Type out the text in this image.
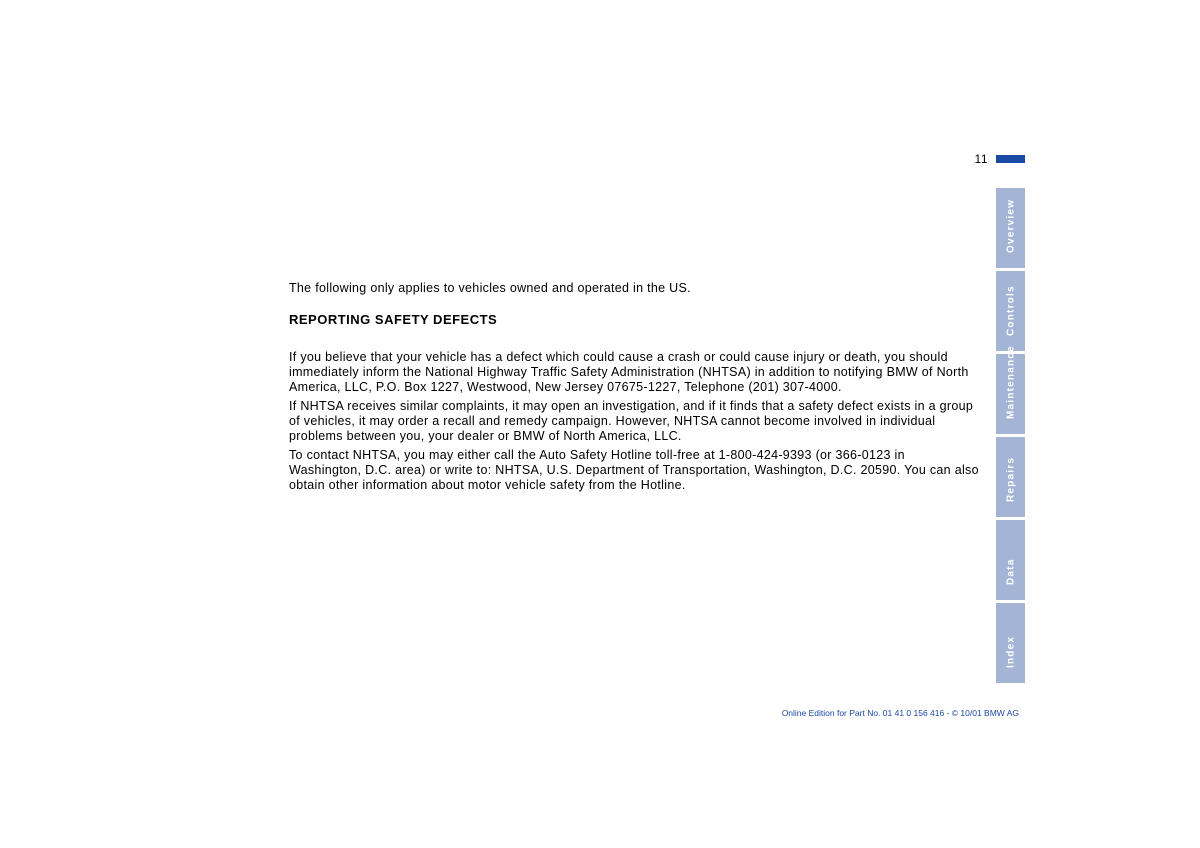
11
Overview
Controls
Maintenance
Repairs
Data
Index

The following only applies to vehicles owned and operated in the US.

REPORTING SAFETY DEFECTS

If you believe that your vehicle has a defect which could cause a crash or could cause injury or death, you should immediately inform the National Highway Traffic Safety Administration (NHTSA) in addition to notifying BMW of North America, LLC, P.O. Box 1227, Westwood, New Jersey 07675-1227, Telephone (201) 307-4000.

If NHTSA receives similar complaints, it may open an investigation, and if it finds that a safety defect exists in a group of vehicles, it may order a recall and remedy campaign. However, NHTSA cannot become involved in individual problems between you, your dealer or BMW of North America, LLC.

To contact NHTSA, you may either call the Auto Safety Hotline toll-free at 1-800-424-9393 (or 366-0123 in Washington, D.C. area) or write to: NHTSA, U.S. Department of Transportation, Washington, D.C. 20590. You can also obtain other information about motor vehicle safety from the Hotline.

Online Edition for Part No. 01 41 0 156 416 - © 10/01 BMW AG
